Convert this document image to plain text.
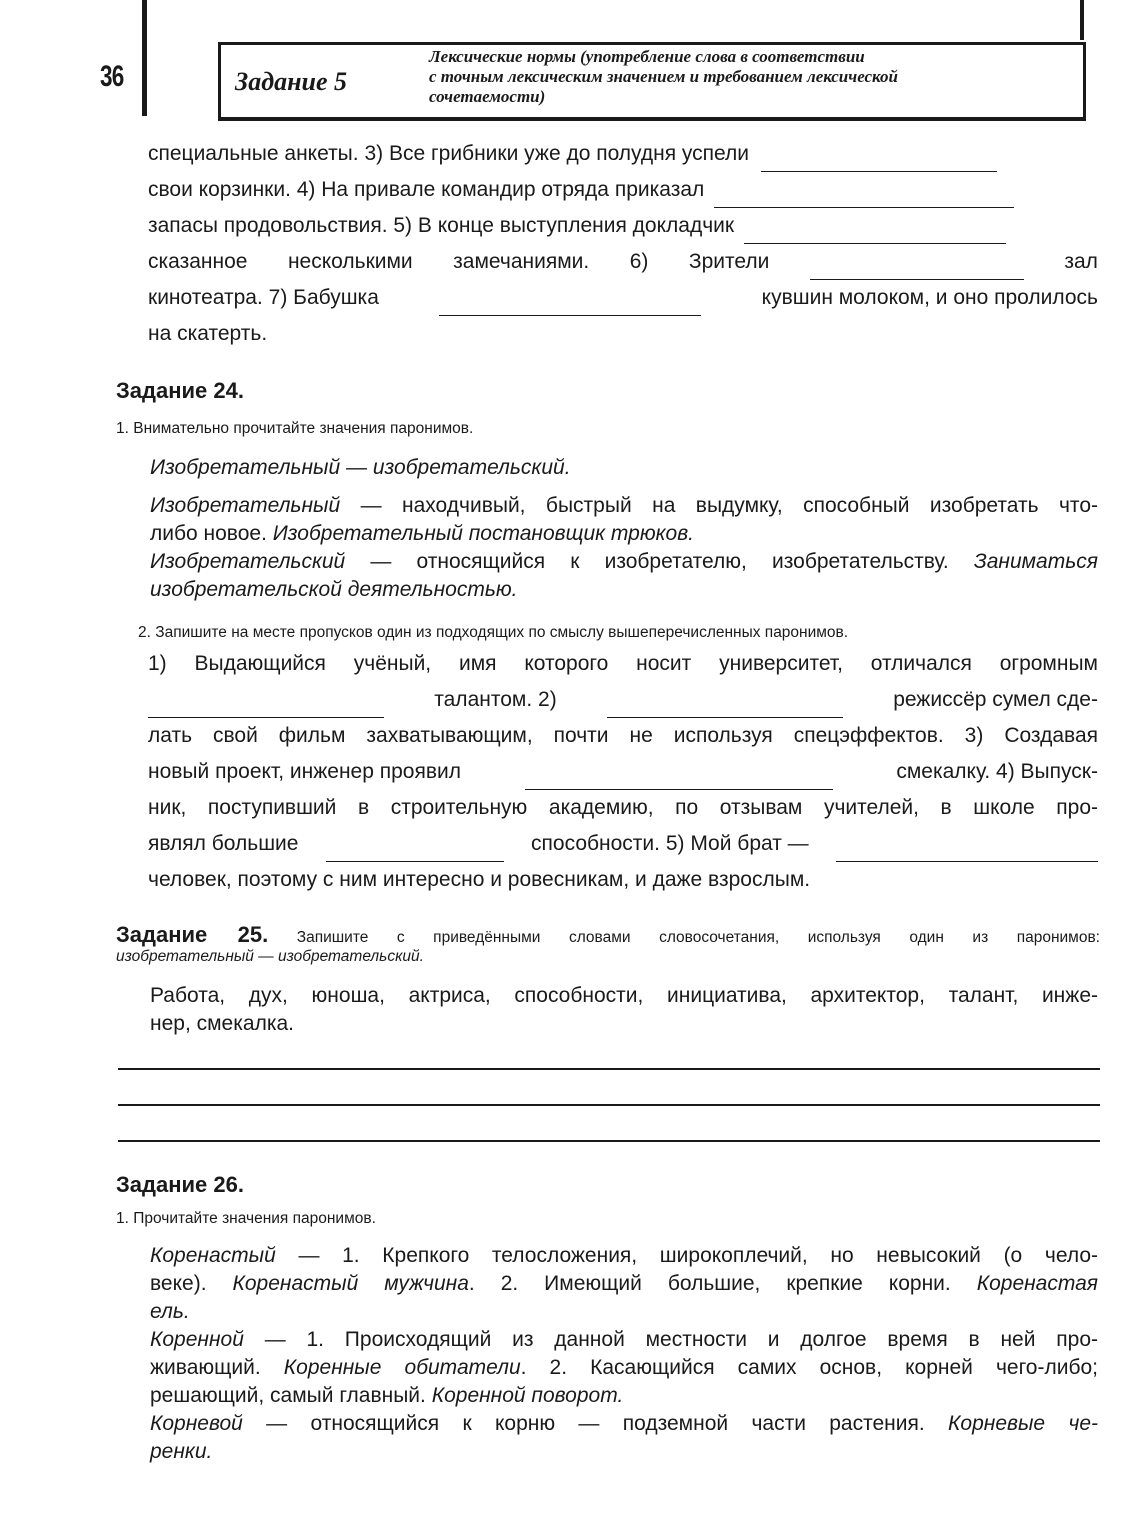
36	Задание 5
Лексические нормы (употребление слова в соответствии
с точным лексическим значением и требованием лексической
сочетаемости)
специальные анкеты. 3) Все грибники уже до полудня успели
свои корзинки. 4) На привале командир отряда приказал
запасы продовольствия. 5) В конце выступления докладчик
сказанное несколькими замечаниями. 6) Зрители	зал
кинотеатра. 7) Бабушка	кувшин молоком, и оно пролилось
на скатерть.
Задание 24.
1. Внимательно прочитайте значения паронимов.
Изобретательный — изобретательский.
Изобретательный — находчивый, быстрый на выдумку, способный изобретать что-
либо новое. Изобретательный постановщик трюков.
Изобретательский — относящийся к изобретателю, изобретательству. Заниматься
изобретательской деятельностью.
2. Запишите на месте пропусков один из подходящих по смыслу вышеперечисленных паронимов.
1) Выдающийся учёный, имя которого носит университет, отличался огромным
талантом. 2)	режиссёр сумел сде-
лать свой фильм захватывающим, почти не используя спецэффектов. 3) Создавая
новый проект, инженер проявил	смекалку. 4) Выпуск-
ник, поступивший в строительную академию, по отзывам учителей, в школе про-
являл большие	способности. 5) Мой брат —
человек, поэтому с ним интересно и ровесникам, и даже взрослым.
Задание 25. Запишите с приведёнными словами словосочетания, используя один из паронимов:
изобретательный — изобретательский.
Работа, дух, юноша, актриса, способности, инициатива, архитектор, талант, инже-
нер, смекалка.
Задание 26.
1. Прочитайте значения паронимов.
Коренастый — 1. Крепкого телосложения, широкоплечий, но невысокий (о чело-
веке). Коренастый мужчина. 2. Имеющий большие, крепкие корни. Коренастая
ель.
Коренной — 1. Происходящий из данной местности и долгое время в ней про-
живающий. Коренные обитатели. 2. Касающийся самих основ, корней чего-либо;
решающий, самый главный. Коренной поворот.
Корневой — относящийся к корню — подземной части растения. Корневые че-
ренки.
